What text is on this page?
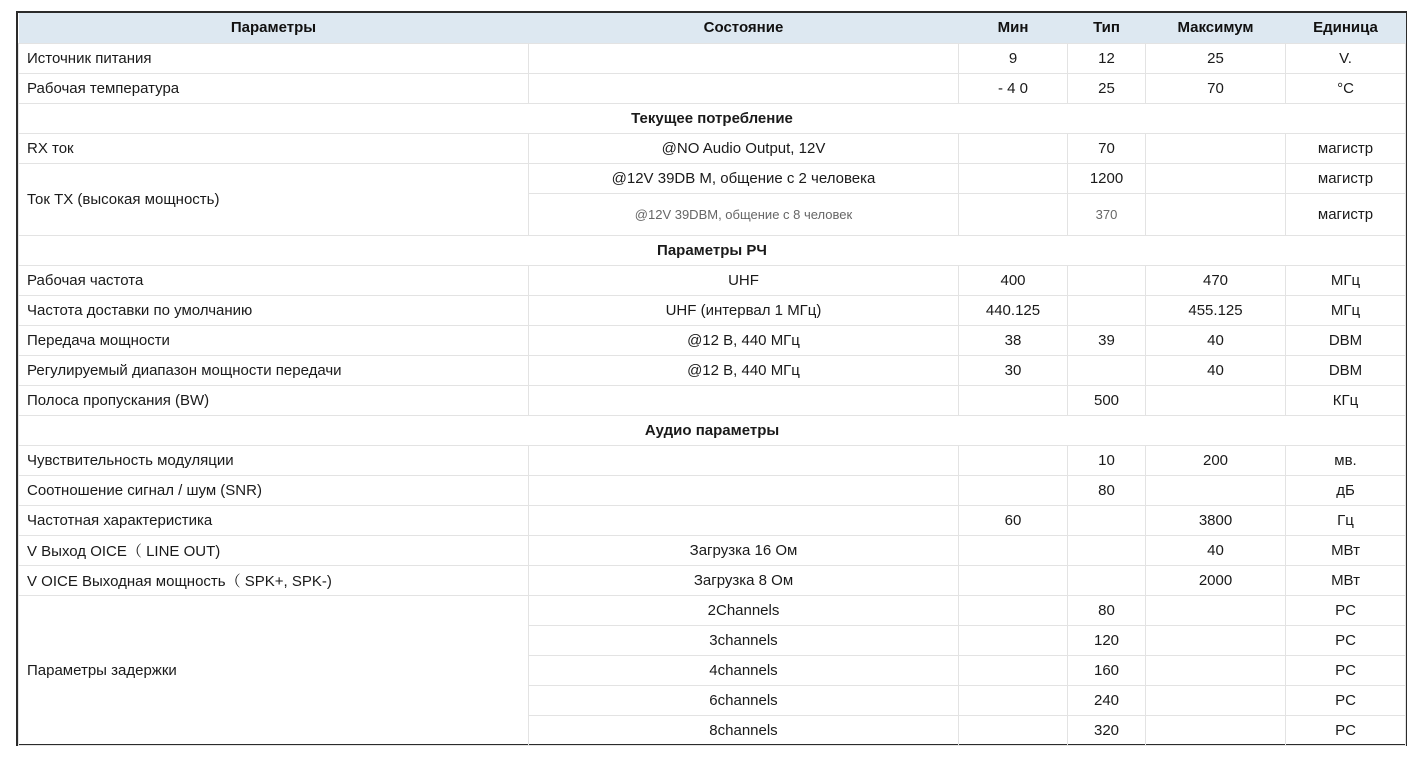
Параметры	Состояние	Мин	Тип	Максимум	Единица
Источник питания		9	12	25	V.
Рабочая температура		- 4 0	25	70	°C
Текущее потребление					
RX ток	@NO Audio Output, 12V		70		магистр
Ток TX (высокая мощность)	@12V 39DB M, общение с 2 человека		1200		магистр
	@12V 39DBM, общение с 8 человек		370		магистр
Параметры РЧ					
Рабочая частота	UHF	400		470	МГц
Частота доставки по умолчанию	UHF (интервал 1 МГц)	440.125		455.125	МГц
Передача мощности	@12 В, 440 МГц	38	39	40	DBM
Регулируемый диапазон мощности передачи	@12 В, 440 МГц	30		40	DBM
Полоса пропускания (BW)			500		КГц
Аудио параметры					
Чувствительность модуляции			10	200	мв.
Соотношение сигнал / шум (SNR)			80		дБ
Частотная характеристика		60		3800	Гц
V Выход OICE（ LINE OUT)	Загрузка 16 Ом			40	МВт
V OICE Выходная мощность（ SPK+, SPK-)	Загрузка 8 Ом			2000	МВт
Параметры задержки	2Channels		80		PC
	3channels		120		PC
	4channels		160		PC
	6channels		240		PC
	8channels		320		PC
